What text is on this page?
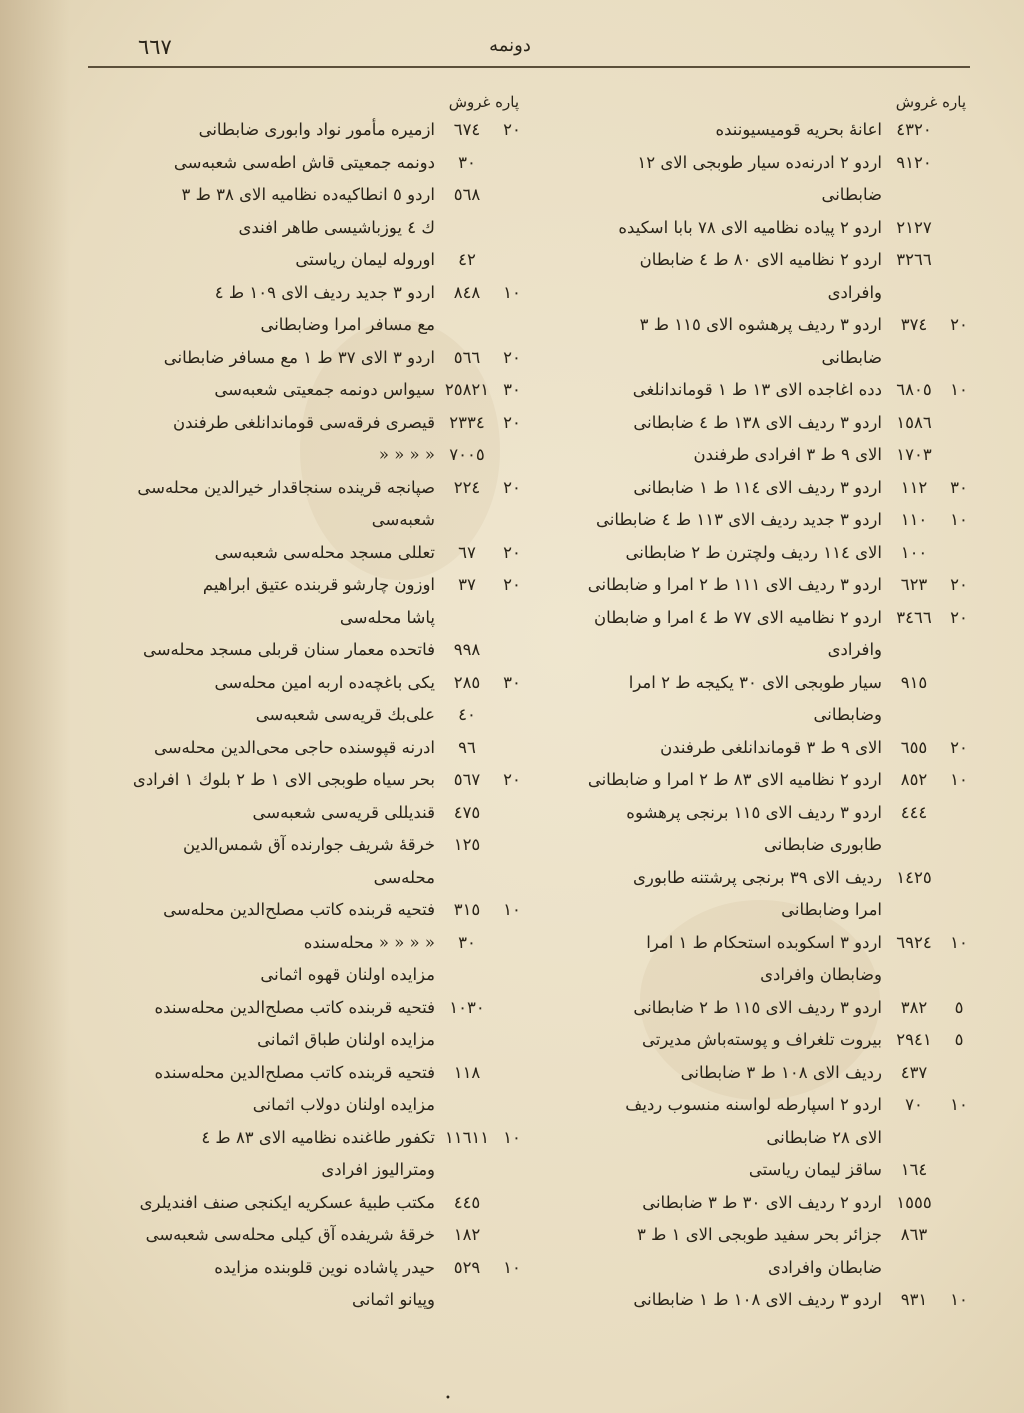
٦٦٧	دونمه
پاره غروش
٤٣٢٠
اعانهٔ بحریه قومیسیوننده
٩١٢٠
اردو ٢ ادرنه‌ده سیار طوبجی الای ١٢
ضابطانی
٢١٢٧
اردو ٢ پیاده نظامیه الای ٧٨ بابا اسکیده
٣٢٦٦
اردو ٢ نظامیه الای ٨٠ ط ٤ ضابطان
وافرادی
٢٠
٣٧٤
اردو ٣ ردیف پرهشوه الای ١١٥ ط ٣
ضابطانی
١٠
٦٨٠٥
دده اغاجده الای ١٣ ط ١ قوماندانلغی
١٥٨٦
اردو ٣ ردیف الای ١٣٨ ط ٤ ضابطانی
١٧٠٣
الای ٩ ط ٣ افرادی طرفندن
٣٠
١١٢
اردو ٣ ردیف الای ١١٤ ط ١ ضابطانی
١٠
١١٠
اردو ٣ جدید ردیف الای ١١٣ ط ٤ ضابطانی
١٠٠
الای ١١٤ ردیف ولچترن ط ٢ ضابطانی
٢٠
٦٢٣
اردو ٣ ردیف الای ١١١ ط ٢ امرا و ضابطانی
٢٠
٣٤٦٦
اردو ٢ نظامیه الای ٧٧ ط ٤ امرا و ضابطان
وافرادی
٩١٥
سیار طوبجی الای ٣٠ یکیجه ط ٢ امرا
وضابطانی
٢٠
٦٥٥
الای ٩ ط ٣ قوماندانلغی طرفندن
١٠
٨٥٢
اردو ٢ نظامیه الای ٨٣ ط ٢ امرا و ضابطانی
٤٤٤
اردو ٣ ردیف الای ١١٥ برنجی پرهشوه
طابوری ضابطانی
١٤٢٥
ردیف الای ٣٩ برنجی پرشتنه طابوری
امرا وضابطانی
١٠
٦٩٢٤
اردو ٣ اسکوبده استحکام ط ١ امرا
وضابطان وافرادی
٥
٣٨٢
اردو ٣ ردیف الای ١١٥ ط ٢ ضابطانی
٥
٢٩٤١
بیروت تلغراف و پوسته‌باش مدیرتی
٤٣٧
ردیف الای ١٠٨ ط ٣ ضابطانی
١٠
٧٠
اردو ٢ اسپارطه لواسنه منسوب ردیف
الای ٢٨ ضابطانی
١٦٤
ساقز لیمان ریاستی
١٥٥٥
اردو ٢ ردیف الای ٣٠ ط ٣ ضابطانی
٨٦٣
جزائر بحر سفید طوبجی الای ١ ط ٣
ضابطان وافرادی
١٠
٩٣١
اردو ٣ ردیف الای ١٠٨ ط ١ ضابطانی
پاره غروش
٢٠
٦٧٤
ازمیره مأمور نواد وابوری ضابطانی
٣٠
دونمه جمعیتی قاش اطه‌سی شعبه‌سی
٥٦٨
اردو ٥ انطاکیه‌ده نظامیه الای ٣٨ ط ٣
ك ٤ یوزباشیسی طاهر افندی
٤٢
اوروله لیمان ریاستی
١٠
٨٤٨
اردو ٣ جدید ردیف الای ١٠٩ ط ٤
مع مسافر امرا وضابطانی
٢٠
٥٦٦
اردو ٣ الای ٣٧ ط ١ مع مسافر ضابطانی
٣٠
٢٥٨٢١
سیواس دونمه جمعیتی شعبه‌سی
٢٠
٢٣٣٤
قیصری فرقه‌سی قوماندانلغی طرفندن
٧٠٠٥
« « « «
٢٠
٢٢٤
صپانجه قرینده سنجاقدار خیرالدین محله‌سی
شعبه‌سی
٢٠
٦٧
تعللی مسجد محله‌سی شعبه‌سی
٢٠
٣٧
اوزون چارشو قربنده عتیق ابراهیم
پاشا محله‌سی
٩٩٨
فاتحده معمار سنان قربلی مسجد محله‌سی
٣٠
٢٨٥
یکی باغچه‌ده اربه امین محله‌سی
٤٠
علی‌بك قریه‌سی شعبه‌سی
٩٦
ادرنه قپوسنده حاجی محی‌الدین محله‌سی
٢٠
٥٦٧
بحر سیاه طوبجی الای ١ ط ٢ بلوك ١ افرادی
٤٧٥
قندیللی قریه‌سی شعبه‌سی
١٢٥
خرقهٔ شریف جوارنده آق شمس‌الدین
محله‌سی
١٠
٣١٥
فتحیه قربنده کاتب مصلح‌الدین محله‌سی
٣٠
« « « « محله‌سنده
مزایده اولنان قهوه اثمانی
١٠٣٠
فتحیه قربنده کاتب مصلح‌الدین محله‌سنده
مزایده اولنان طباق اثمانی
١١٨
فتحیه قربنده کاتب مصلح‌الدین محله‌سنده
مزایده اولنان دولاب اثمانی
١٠
١١٦١١
تکفور طاغنده نظامیه الای ٨٣ ط ٤
ومترالیوز افرادی
٤٤٥
مکتب طبیهٔ عسکریه ایکنجی صنف افندیلری
١٨٢
خرقهٔ شریفده آق کیلی محله‌سی شعبه‌سی
١٠
٥٢٩
حیدر پاشاده نوین قلوبنده مزایده
وپیانو اثمانی
•
